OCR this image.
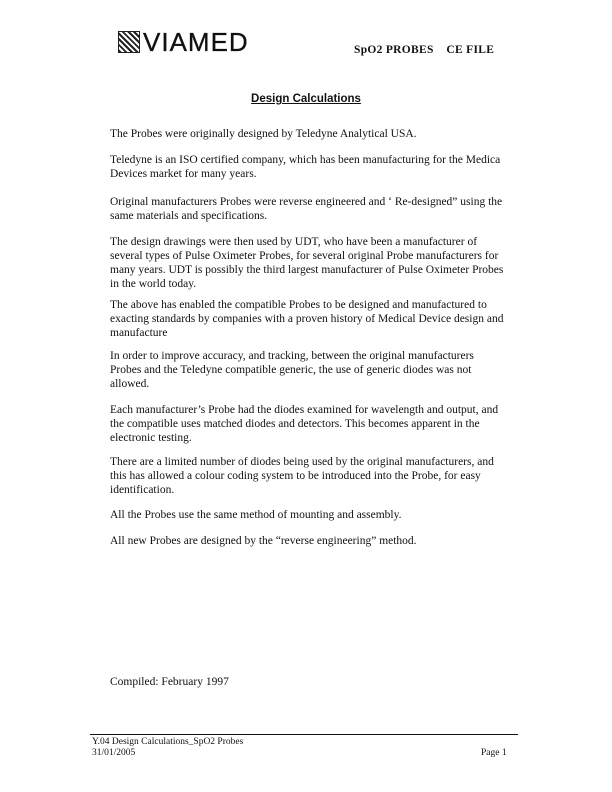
VIAMED	SpO2 PROBES    CE FILE
Design Calculations
The Probes were originally designed by Teledyne Analytical USA.
Teledyne is an ISO certified company, which has been manufacturing for the Medica
Devices market for many years.
Original manufacturers Probes were reverse engineered and ‘ Re-designed” using the
same materials and specifications.
The design drawings were then used by UDT, who have been a manufacturer of
several types of Pulse Oximeter Probes, for several original Probe manufacturers for
many years. UDT is possibly the third largest manufacturer of Pulse Oximeter Probes
in the world today.
The above has enabled the compatible Probes to be designed and manufactured to
exacting standards by companies with a proven history of Medical Device design and
manufacture
In order to improve accuracy, and tracking, between the original manufacturers
Probes and the Teledyne compatible generic, the use of generic diodes was not
allowed.
Each manufacturer’s Probe had the diodes examined for wavelength and output, and
the compatible uses matched diodes and detectors. This becomes apparent in the
electronic testing.
There are a limited number of diodes being used by the original manufacturers, and
this has allowed a colour coding system to be introduced into the Probe, for easy
identification.
All the Probes use the same method of mounting and assembly.
All new Probes are designed by the “reverse engineering” method.
Compiled: February 1997
Y.04 Design Calculations_SpO2 Probes
31/01/2005	Page 1
